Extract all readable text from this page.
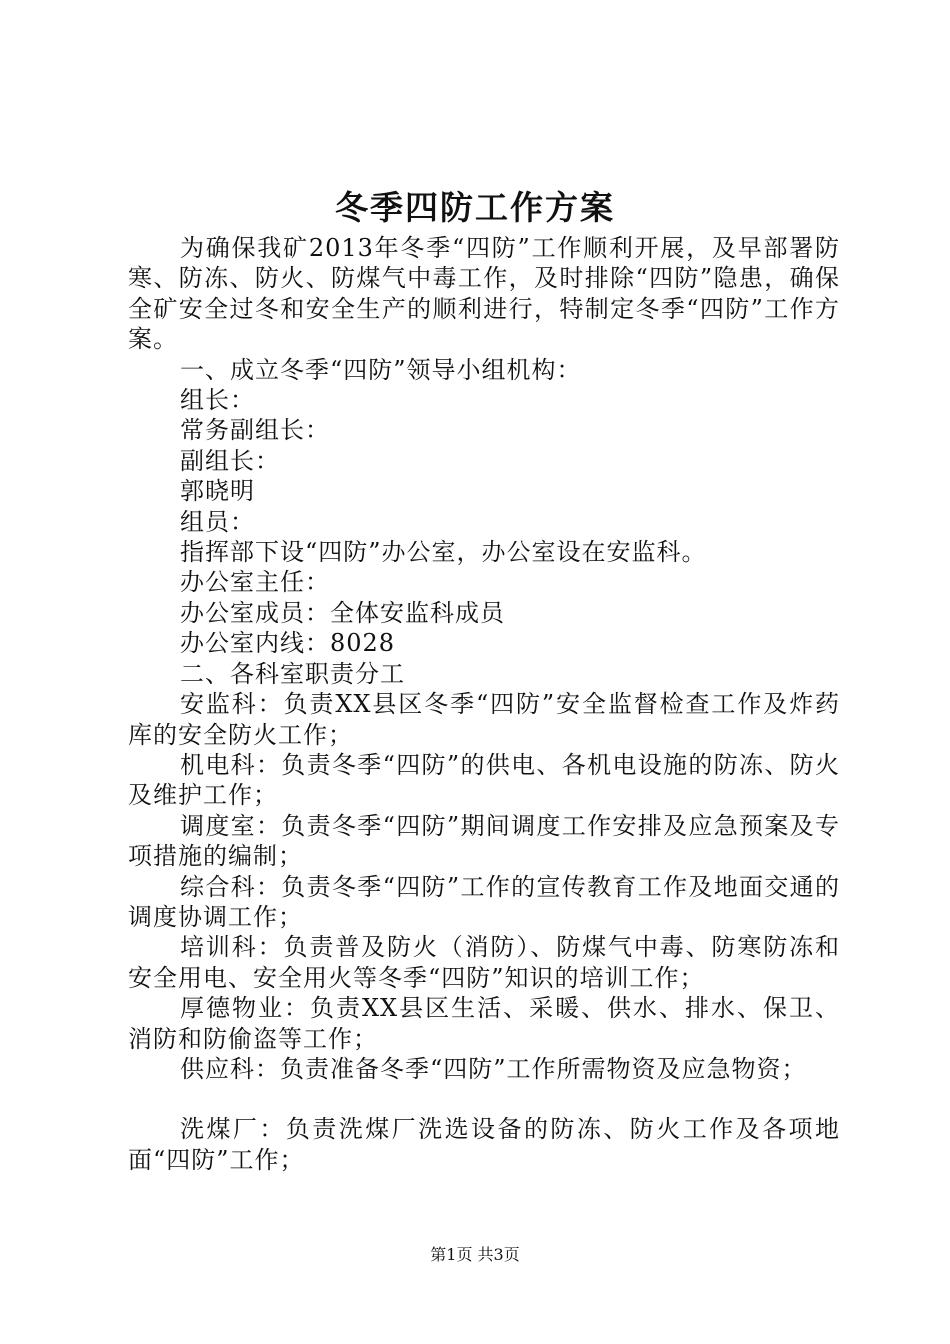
冬季四防工作方案

为确保我矿2013年冬季“四防”工作顺利开展，及早部署防寒、防冻、防火、防煤气中毒工作，及时排除“四防”隐患，确保全矿安全过冬和安全生产的顺利进行，特制定冬季“四防”工作方案。

一、成立冬季“四防”领导小组机构：

组长：

常务副组长：

副组长：

郭晓明

组员：

指挥部下设“四防”办公室，办公室设在安监科。

办公室主任：

办公室成员：全体安监科成员

办公室内线：8028

二、各科室职责分工

安监科：负责XX县区冬季“四防”安全监督检查工作及炸药库的安全防火工作；

机电科：负责冬季“四防”的供电、各机电设施的防冻、防火及维护工作；

调度室：负责冬季“四防”期间调度工作安排及应急预案及专项措施的编制；

综合科：负责冬季“四防”工作的宣传教育工作及地面交通的调度协调工作；

培训科：负责普及防火（消防）、防煤气中毒、防寒防冻和安全用电、安全用火等冬季“四防”知识的培训工作；

厚德物业：负责XX县区生活、采暖、供水、排水、保卫、消防和防偷盗等工作；

供应科：负责准备冬季“四防”工作所需物资及应急物资；

洗煤厂：负责洗煤厂洗选设备的防冻、防火工作及各项地面“四防”工作；

第1页 共3页
